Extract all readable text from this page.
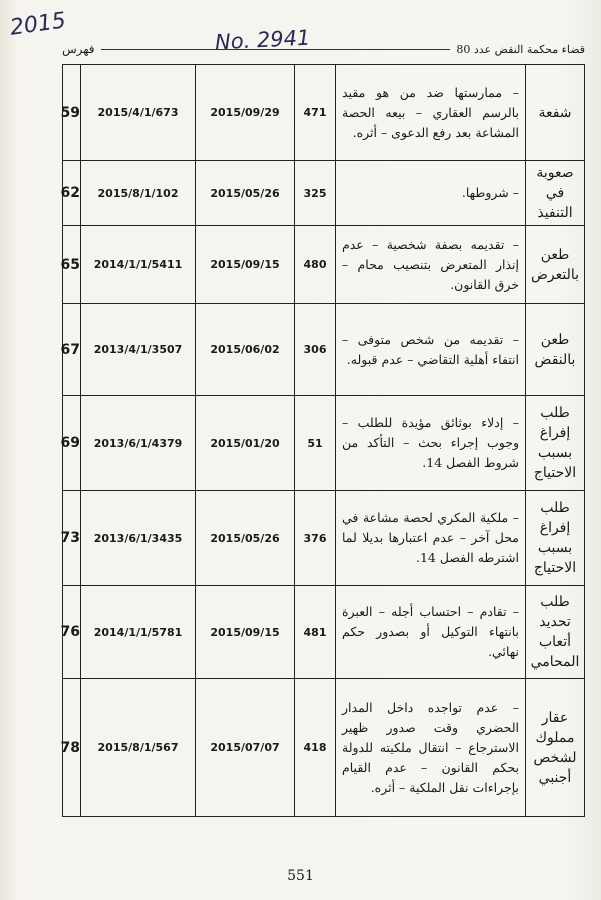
2015	No. 2941	قضاء محكمة النقض عدد 80
فهرس
شفعة	– ممارستها ضد من هو مقيد بالرسم العقاري – بيعه الحصة المشاعة بعد رفع الدعوى – أثره.	471	2015/09/29	2015/4/1/673	59
صعوبة في التنفيذ	– شروطها.	325	2015/05/26	2015/8/1/102	62
طعن بالتعرض	– تقديمه بصفة شخصية – عدم إنذار المتعرض بتنصيب محام – خرق القانون.	480	2015/09/15	2014/1/1/5411	65
طعن بالنقض	– تقديمه من شخص متوفى – انتفاء أهلية التقاضي – عدم قبوله.	306	2015/06/02	2013/4/1/3507	67
طلب إفراغ بسبب الاحتياج	– إدلاء بوثائق مؤيدة للطلب – وجوب إجراء بحث – التأكد من شروط الفصل 14.	51	2015/01/20	2013/6/1/4379	69
طلب إفراغ بسبب الاحتياج	– ملكية المكري لحصة مشاعة في محل آخر – عدم اعتبارها بديلا لما اشترطه الفصل 14.	376	2015/05/26	2013/6/1/3435	73
طلب تحديد أتعاب المحامي	– تقادم – احتساب أجله – العبرة بانتهاء التوكيل أو بصدور حكم نهائي.	481	2015/09/15	2014/1/1/5781	76
عقار مملوك لشخص أجنبي	– عدم تواجده داخل المدار الحضري وقت صدور ظهير الاسترجاع – انتقال ملكيته للدولة بحكم القانون – عدم القيام بإجراءات نقل الملكية – أثره.	418	2015/07/07	2015/8/1/567	78
551
